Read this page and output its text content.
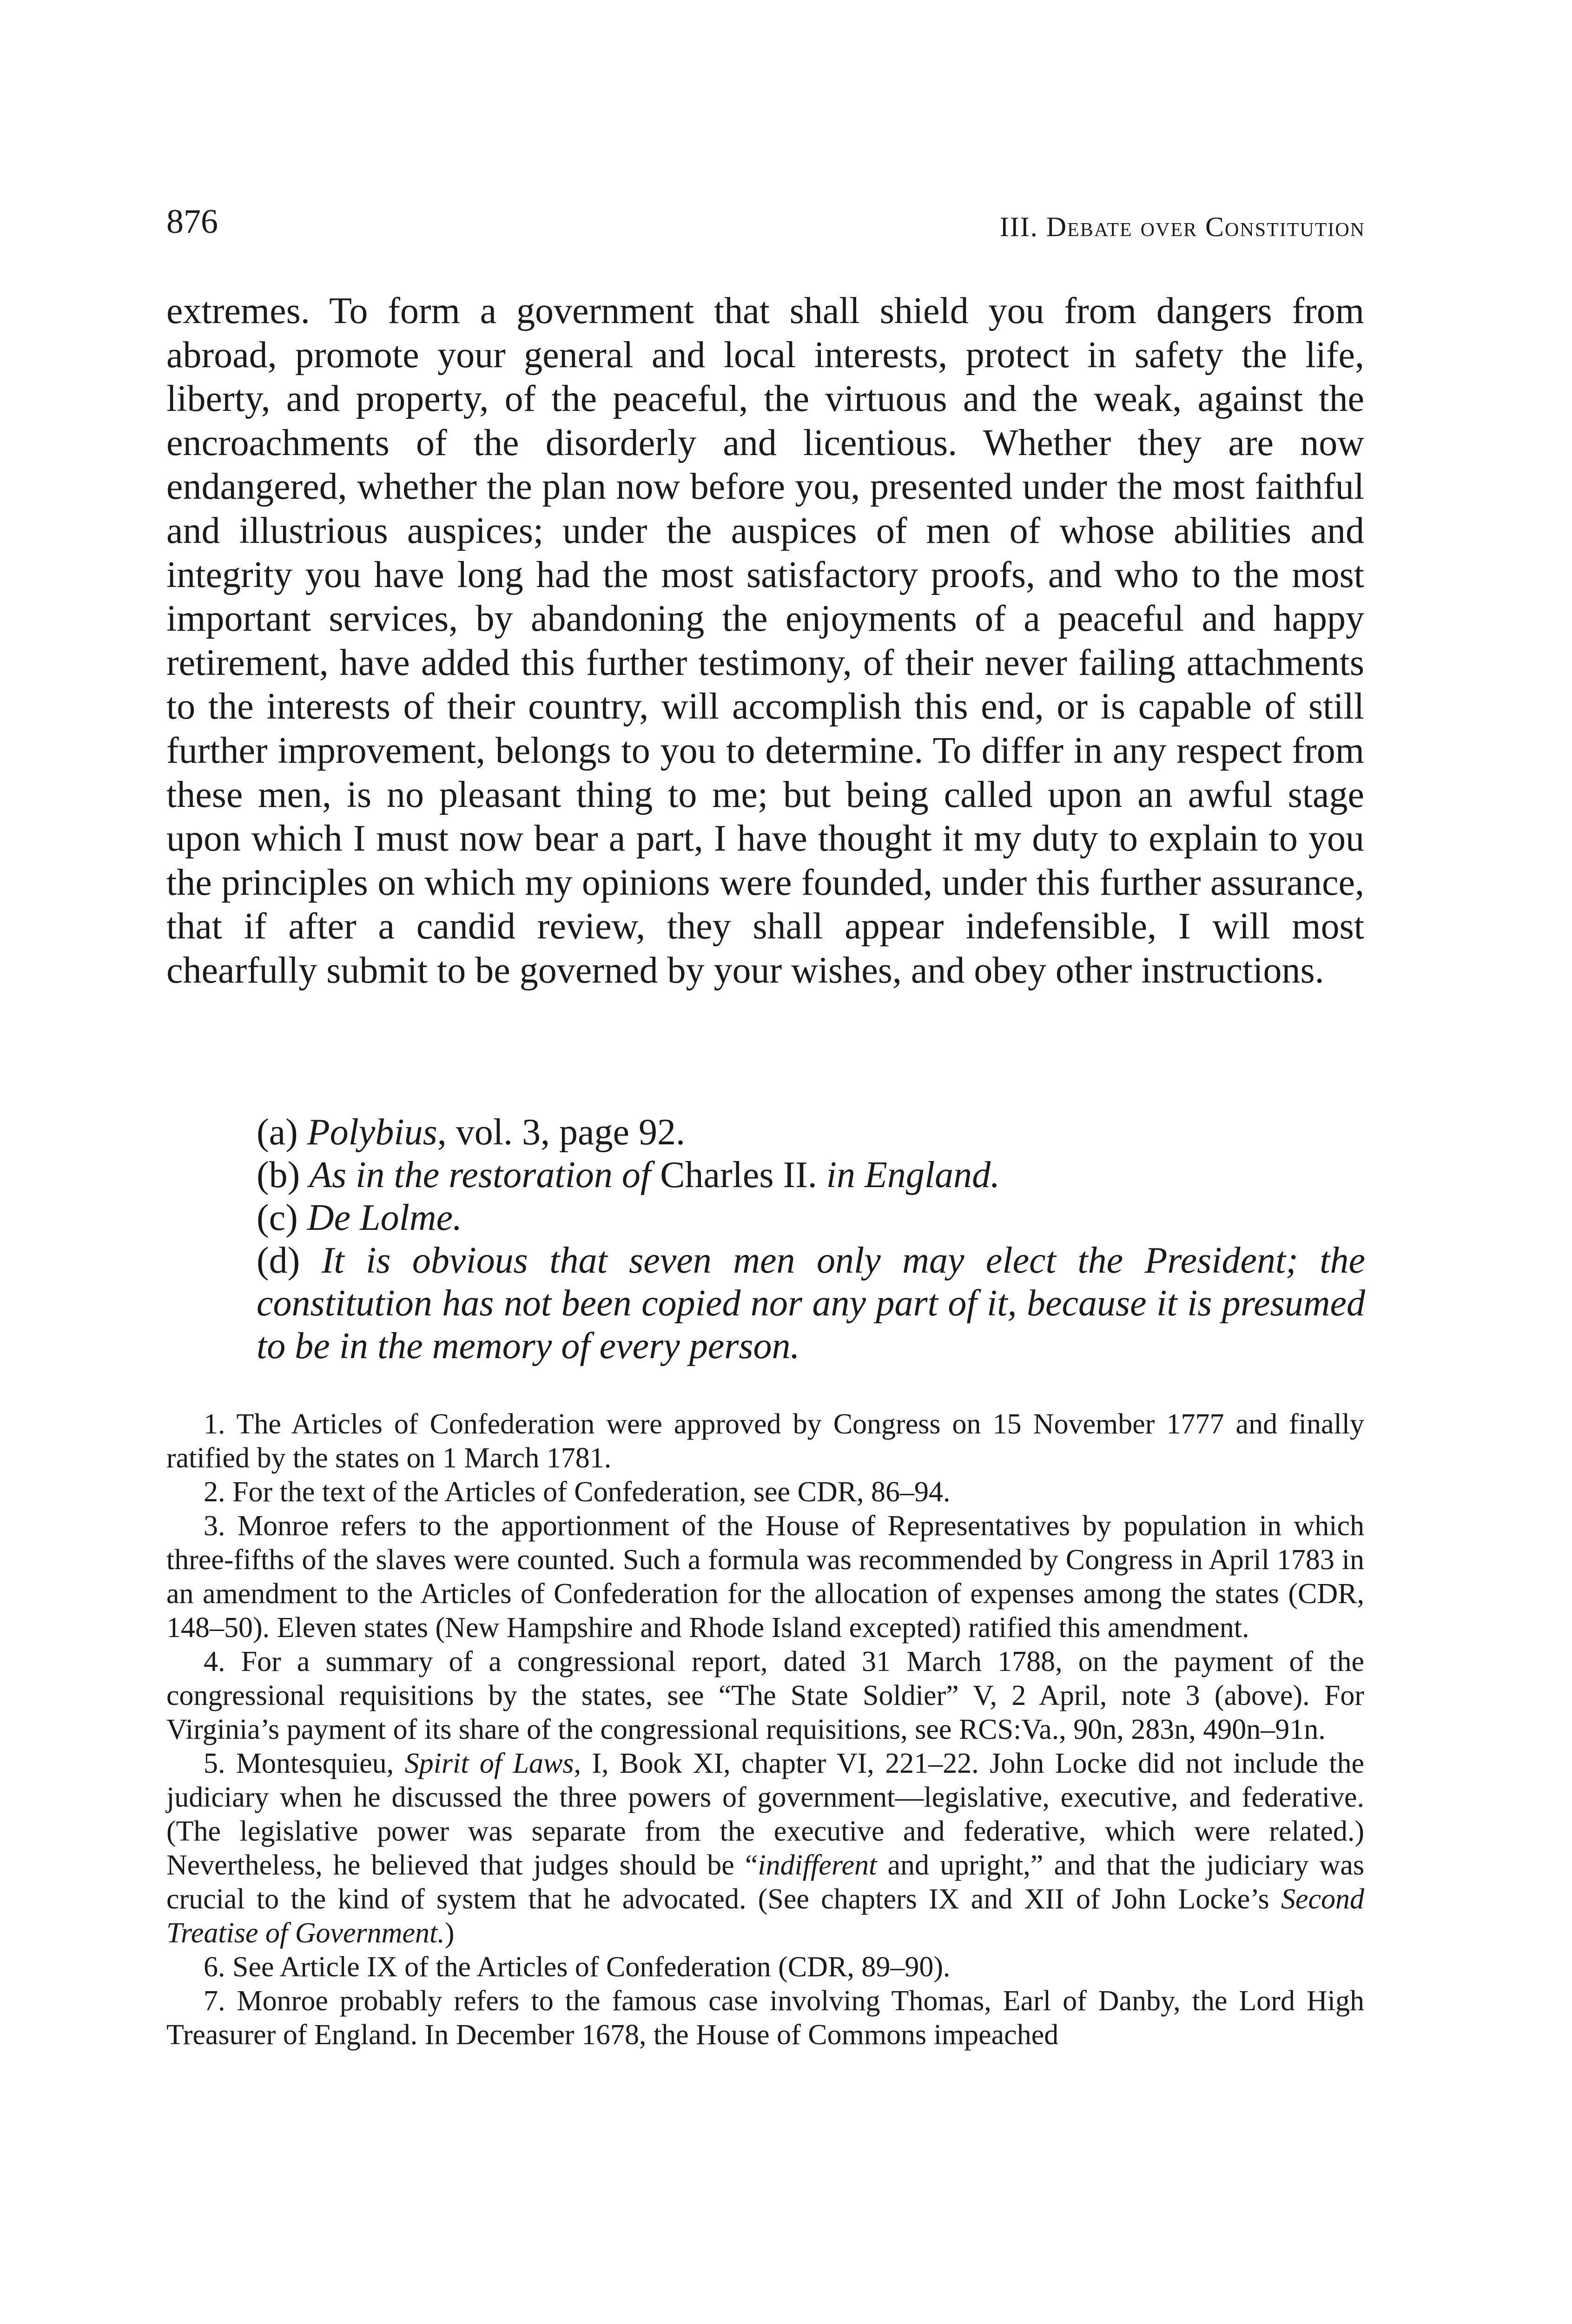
876	III. Debate over Constitution

extremes. To form a government that shall shield you from dangers from abroad, promote your general and local interests, protect in safety the life, liberty, and property, of the peaceful, the virtuous and the weak, against the encroachments of the disorderly and licentious. Whether they are now endangered, whether the plan now before you, presented under the most faithful and illustrious auspices; under the auspices of men of whose abilities and integrity you have long had the most satisfactory proofs, and who to the most important services, by abandoning the enjoyments of a peaceful and happy retirement, have added this further testimony, of their never failing attachments to the interests of their country, will accomplish this end, or is capable of still further improvement, belongs to you to determine. To differ in any respect from these men, is no pleasant thing to me; but being called upon an awful stage upon which I must now bear a part, I have thought it my duty to explain to you the principles on which my opinions were founded, under this further assurance, that if after a candid review, they shall appear indefensible, I will most chearfully submit to be governed by your wishes, and obey other instructions.

(a) Polybius, vol. 3, page 92.
(b) As in the restoration of Charles II. in England.
(c) De Lolme.
(d) It is obvious that seven men only may elect the President; the constitution has not been copied nor any part of it, because it is presumed to be in the memory of every person.

1. The Articles of Confederation were approved by Congress on 15 November 1777 and finally ratified by the states on 1 March 1781.

2. For the text of the Articles of Confederation, see CDR, 86–94.

3. Monroe refers to the apportionment of the House of Representatives by population in which three-fifths of the slaves were counted. Such a formula was recommended by Congress in April 1783 in an amendment to the Articles of Confederation for the allocation of expenses among the states (CDR, 148–50). Eleven states (New Hampshire and Rhode Island excepted) ratified this amendment.

4. For a summary of a congressional report, dated 31 March 1788, on the payment of the congressional requisitions by the states, see “The State Soldier” V, 2 April, note 3 (above). For Virginia’s payment of its share of the congressional requisitions, see RCS:Va., 90n, 283n, 490n–91n.

5. Montesquieu, Spirit of Laws, I, Book XI, chapter VI, 221–22. John Locke did not include the judiciary when he discussed the three powers of government—legislative, executive, and federative. (The legislative power was separate from the executive and federative, which were related.) Nevertheless, he believed that judges should be “indifferent and upright,” and that the judiciary was crucial to the kind of system that he advocated. (See chapters IX and XII of John Locke’s Second Treatise of Government.)

6. See Article IX of the Articles of Confederation (CDR, 89–90).

7. Monroe probably refers to the famous case involving Thomas, Earl of Danby, the Lord High Treasurer of England. In December 1678, the House of Commons impeached
